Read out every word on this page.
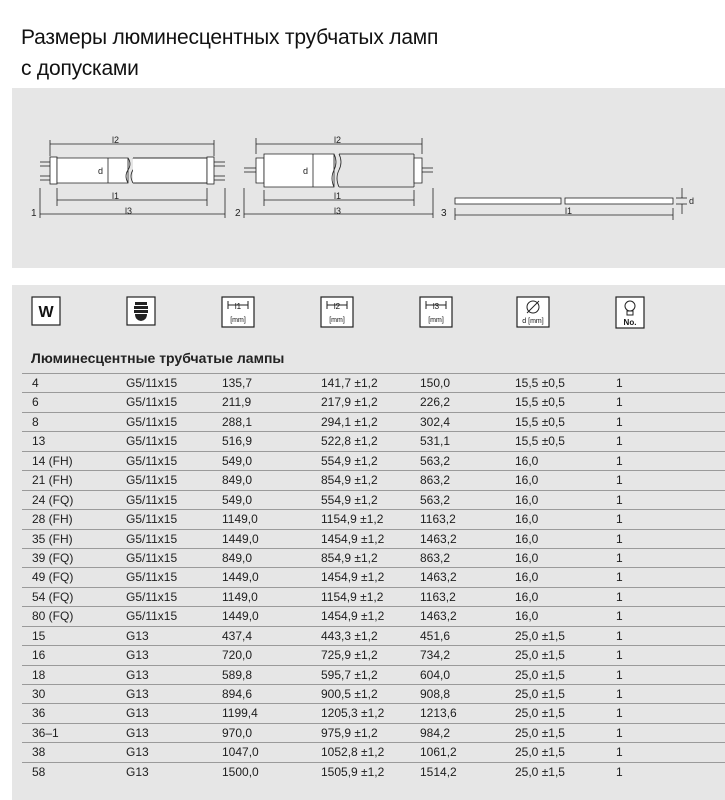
Размеры люминесцентных трубчатых ламп
с допусками
l2
d
l1
l3
1
l2
d
l1
l3
2	l1
d
3
W	l1
[mm]
l2
[mm]
l3
[mm]	d [mm]	No.
Люминесцентные трубчатые лампы
4	G5/11x15	135,7	141,7 ±1,2	150,0	15,5 ±0,5	1
6	G5/11x15	211,9	217,9 ±1,2	226,2	15,5 ±0,5	1
8	G5/11x15	288,1	294,1 ±1,2	302,4	15,5 ±0,5	1
13	G5/11x15	516,9	522,8 ±1,2	531,1	15,5 ±0,5	1
14 (FH)	G5/11x15	549,0	554,9 ±1,2	563,2	16,0	1
21 (FH)	G5/11x15	849,0	854,9 ±1,2	863,2	16,0	1
24 (FQ)	G5/11x15	549,0	554,9 ±1,2	563,2	16,0	1
28 (FH)	G5/11x15	1149,0	1154,9 ±1,2	1163,2	16,0	1
35 (FH)	G5/11x15	1449,0	1454,9 ±1,2	1463,2	16,0	1
39 (FQ)	G5/11x15	849,0	854,9 ±1,2	863,2	16,0	1
49 (FQ)	G5/11x15	1449,0	1454,9 ±1,2	1463,2	16,0	1
54 (FQ)	G5/11x15	1149,0	1154,9 ±1,2	1163,2	16,0	1
80 (FQ)	G5/11x15	1449,0	1454,9 ±1,2	1463,2	16,0	1
15	G13	437,4	443,3 ±1,2	451,6	25,0 ±1,5	1
16	G13	720,0	725,9 ±1,2	734,2	25,0 ±1,5	1
18	G13	589,8	595,7 ±1,2	604,0	25,0 ±1,5	1
30	G13	894,6	900,5 ±1,2	908,8	25,0 ±1,5	1
36	G13	1199,4	1205,3 ±1,2	1213,6	25,0 ±1,5	1
36–1	G13	970,0	975,9 ±1,2	984,2	25,0 ±1,5	1
38	G13	1047,0	1052,8 ±1,2	1061,2	25,0 ±1,5	1
58	G13	1500,0	1505,9 ±1,2	1514,2	25,0 ±1,5	1
